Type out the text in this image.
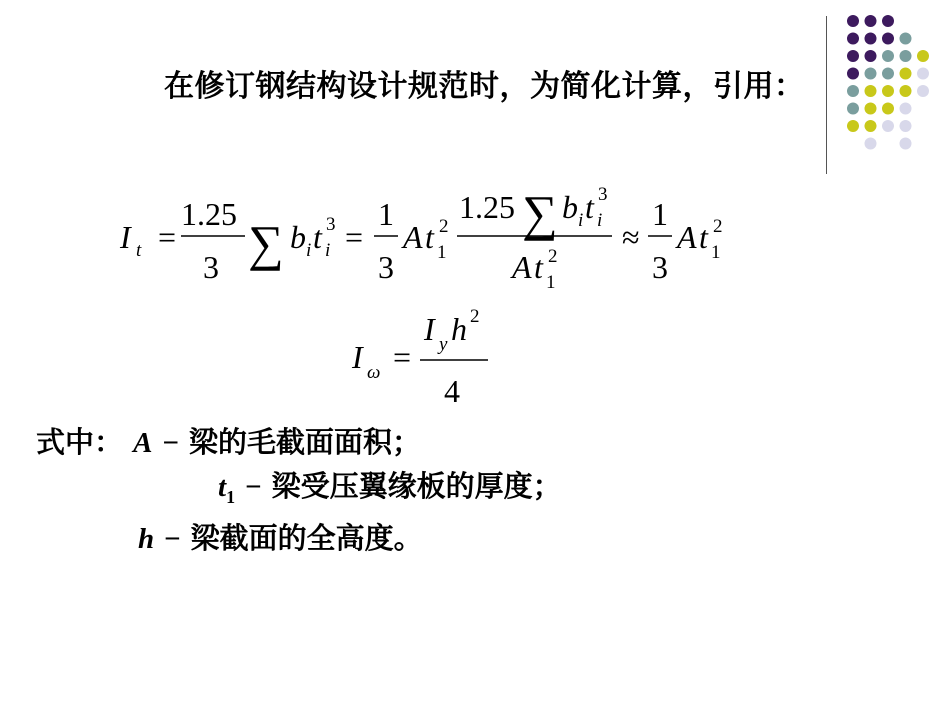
在修订钢结构设计规范时，为简化计算，引用：
I t =
1.25
3 ∑ b i t i
3 =
1
3
A t 1
2
1.25 ∑ b i t i
3
A t 1
2
≈
1
3
A t 1
2
I ω =
I y h 2
4
式中： A − 梁的毛截面面积；
$t_1$ − 梁受压翼缘板的厚度；
h − 梁截面的全高度。
